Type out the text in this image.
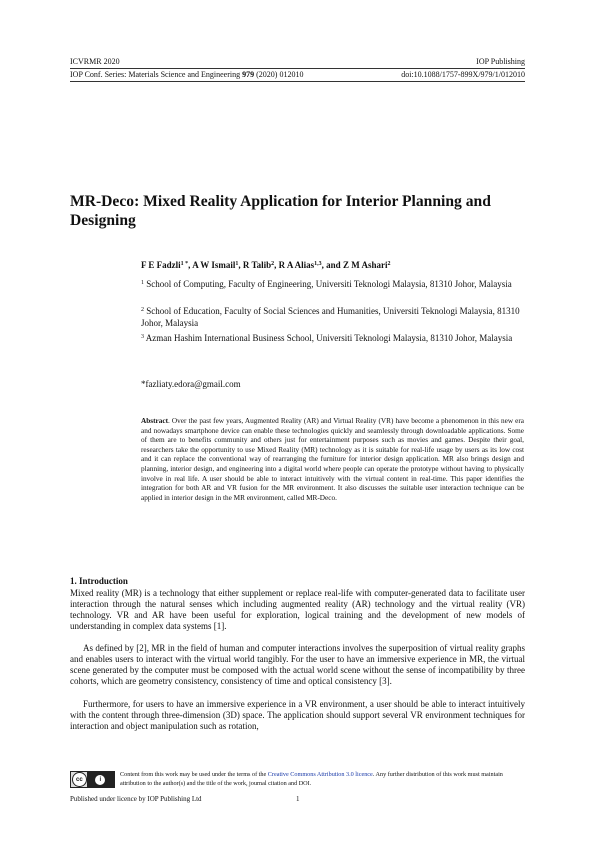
ICVRMR 2020	IOP Publishing
IOP Conf. Series: Materials Science and Engineering 979 (2020) 012010	doi:10.1088/1757-899X/979/1/012010
MR-Deco: Mixed Reality Application for Interior Planning and Designing
F E Fadzli$^{1 *}$, A W Ismail$^1$, R Talib$^2$, R A Alias$^{1,3}$, and Z M Ashari$^2$
$^1$ School of Computing, Faculty of Engineering, Universiti Teknologi Malaysia, 81310 Johor, Malaysia
$^2$ School of Education, Faculty of Social Sciences and Humanities, Universiti Teknologi Malaysia, 81310 Johor, Malaysia
$^3$ Azman Hashim International Business School, Universiti Teknologi Malaysia, 81310 Johor, Malaysia
*fazliaty.edora@gmail.com
Abstract. Over the past few years, Augmented Reality (AR) and Virtual Reality (VR) have become a phenomenon in this new era and nowadays smartphone device can enable these technologies quickly and seamlessly through downloadable applications. Some of them are to benefits community and others just for entertainment purposes such as movies and games. Despite their goal, researchers take the opportunity to use Mixed Reality (MR) technology as it is suitable for real-life usage by users as its low cost and it can replace the conventional way of rearranging the furniture for interior design application. MR also brings design and planning, interior design, and engineering into a digital world where people can operate the prototype without having to physically involve in real life. A user should be able to interact intuitively with the virtual content in real-time. This paper identifies the integration for both AR and VR fusion for the MR environment. It also discusses the suitable user interaction technique can be applied in interior design in the MR environment, called MR-Deco.
1. Introduction
Mixed reality (MR) is a technology that either supplement or replace real-life with computer-generated data to facilitate user interaction through the natural senses which including augmented reality (AR) technology and the virtual reality (VR) technology. VR and AR have been useful for exploration, logical training and the development of new models of understanding in complex data systems [1].
As defined by [2], MR in the field of human and computer interactions involves the superposition of virtual reality graphs and enables users to interact with the virtual world tangibly. For the user to have an immersive experience in MR, the virtual scene generated by the computer must be composed with the actual world scene without the sense of incompatibility by three cohorts, which are geometry consistency, consistency of time and optical consistency [3].
Furthermore, for users to have an immersive experience in a VR environment, a user should be able to interact intuitively with the content through three-dimension (3D) space. The application should support several VR environment techniques for interaction and object manipulation such as rotation,
cc	i
Content from this work may be used under the terms of the Creative Commons Attribution 3.0 licence. Any further distribution of this work must maintain attribution to the author(s) and the title of the work, journal citation and DOI.
Published under licence by IOP Publishing Ltd	1
